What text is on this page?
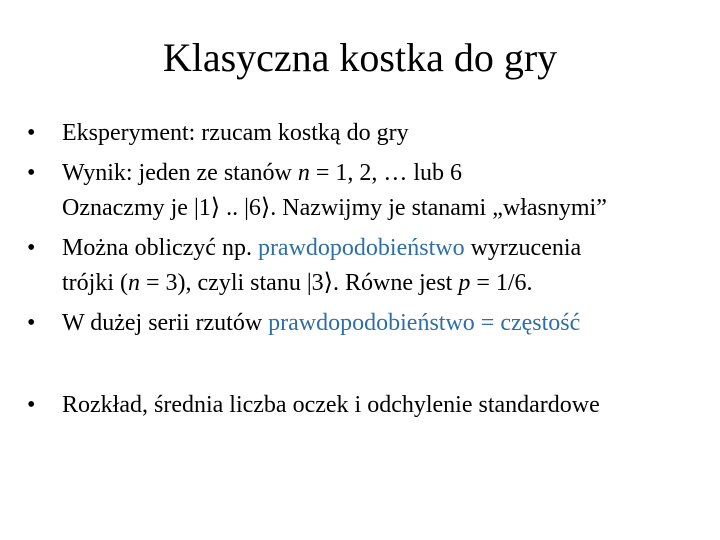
Klasyczna kostka do gry
• Eksperyment: rzucam kostką do gry
• Wynik: jeden ze stanów n = 1, 2, … lub 6
Oznaczmy je |1⟩ .. |6⟩. Nazwijmy je stanami „własnymi”
• Można obliczyć np. prawdopodobieństwo wyrzucenia
trójki (n = 3), czyli stanu |3⟩. Równe jest p = 1/6.
• W dużej serii rzutów prawdopodobieństwo = częstość
• Rozkład, średnia liczba oczek i odchylenie standardowe
